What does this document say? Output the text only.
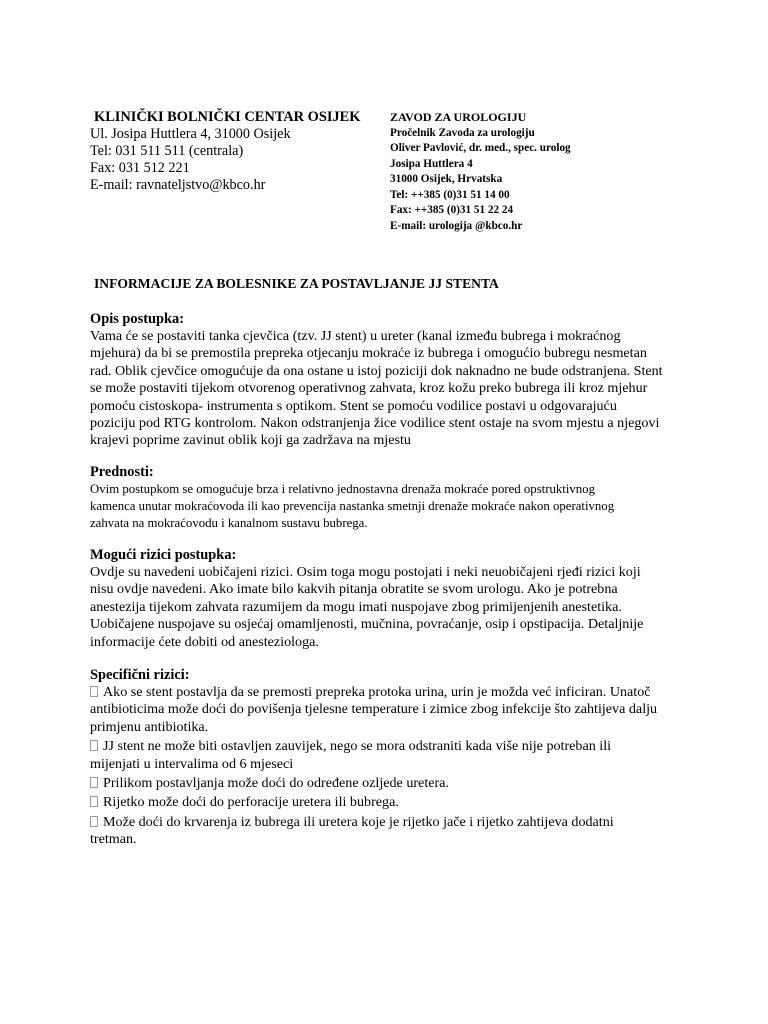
KLINIČKI BOLNIČKI CENTAR OSIJEK
Ul. Josipa Huttlera 4, 31000 Osijek
Tel: 031 511 511 (centrala)
Fax: 031 512 221
E-mail: ravnateljstvo@kbco.hr
ZAVOD ZA UROLOGIJU
Pročelnik Zavoda za urologiju
Oliver Pavlović, dr. med., spec. urolog
Josipa Huttlera 4
31000 Osijek, Hrvatska
Tel: ++385 (0)31 51 14 00
Fax: ++385 (0)31 51 22 24
E-mail: urologija @kbco.hr
INFORMACIJE ZA BOLESNIKE ZA POSTAVLJANJE JJ STENTA
Opis postupka:

Vama će se postaviti tanka cjevčica (tzv. JJ stent) u ureter (kanal između bubrega i mokraćnog

mjehura) da bi se premostila prepreka otjecanju mokraće iz bubrega i omogućio bubregu nesmetan

rad. Oblik cjevčice omogućuje da ona ostane u istoj poziciji dok naknadno ne bude odstranjena. Stent

se može postaviti tijekom otvorenog operativnog zahvata, kroz kožu preko bubrega ili kroz mjehur

pomoću cistoskopa- instrumenta s optikom. Stent se pomoću vodilice postavi u odgovarajuću

poziciju pod RTG kontrolom. Nakon odstranjenja žice vodilice stent ostaje na svom mjestu a njegovi

krajevi poprime zavinut oblik koji ga zadržava na mjestu

Prednosti:

Ovim postupkom se omogućuje brza i relativno jednostavna drenaža mokraće pored opstruktivnog

kamenca unutar mokraćovoda ili kao prevencija nastanka smetnji drenaže mokraće nakon operativnog

zahvata na mokraćovodu i kanalnom sustavu bubrega.

Mogući rizici postupka:

Ovdje su navedeni uobičajeni rizici. Osim toga mogu postojati i neki neuobičajeni rjeđi rizici koji

nisu ovdje navedeni. Ako imate bilo kakvih pitanja obratite se svom urologu. Ako je potrebna

anestezija tijekom zahvata razumijem da mogu imati nuspojave zbog primijenjenih anestetika.

Uobičajene nuspojave su osjećaj omamljenosti, mučnina, povraćanje, osip i opstipacija. Detaljnije

informacije ćete dobiti od anesteziologa.

Specifični rizici:
Ako se stent postavlja da se premosti prepreka protoka urina, urin je možda već inficiran. Unatoč
antibioticima može doći do povišenja tjelesne temperature i zimice zbog infekcije što zahtijeva dalju
primjenu antibiotika.
JJ stent ne može biti ostavljen zauvijek, nego se mora odstraniti kada više nije potreban ili
mijenjati u intervalima od 6 mjeseci
Prilikom postavljanja može doći do određene ozljede uretera.
Rijetko može doći do perforacije uretera ili bubrega.
Može doći do krvarenja iz bubrega ili uretera koje je rijetko jače i rijetko zahtijeva dodatni
tretman.
